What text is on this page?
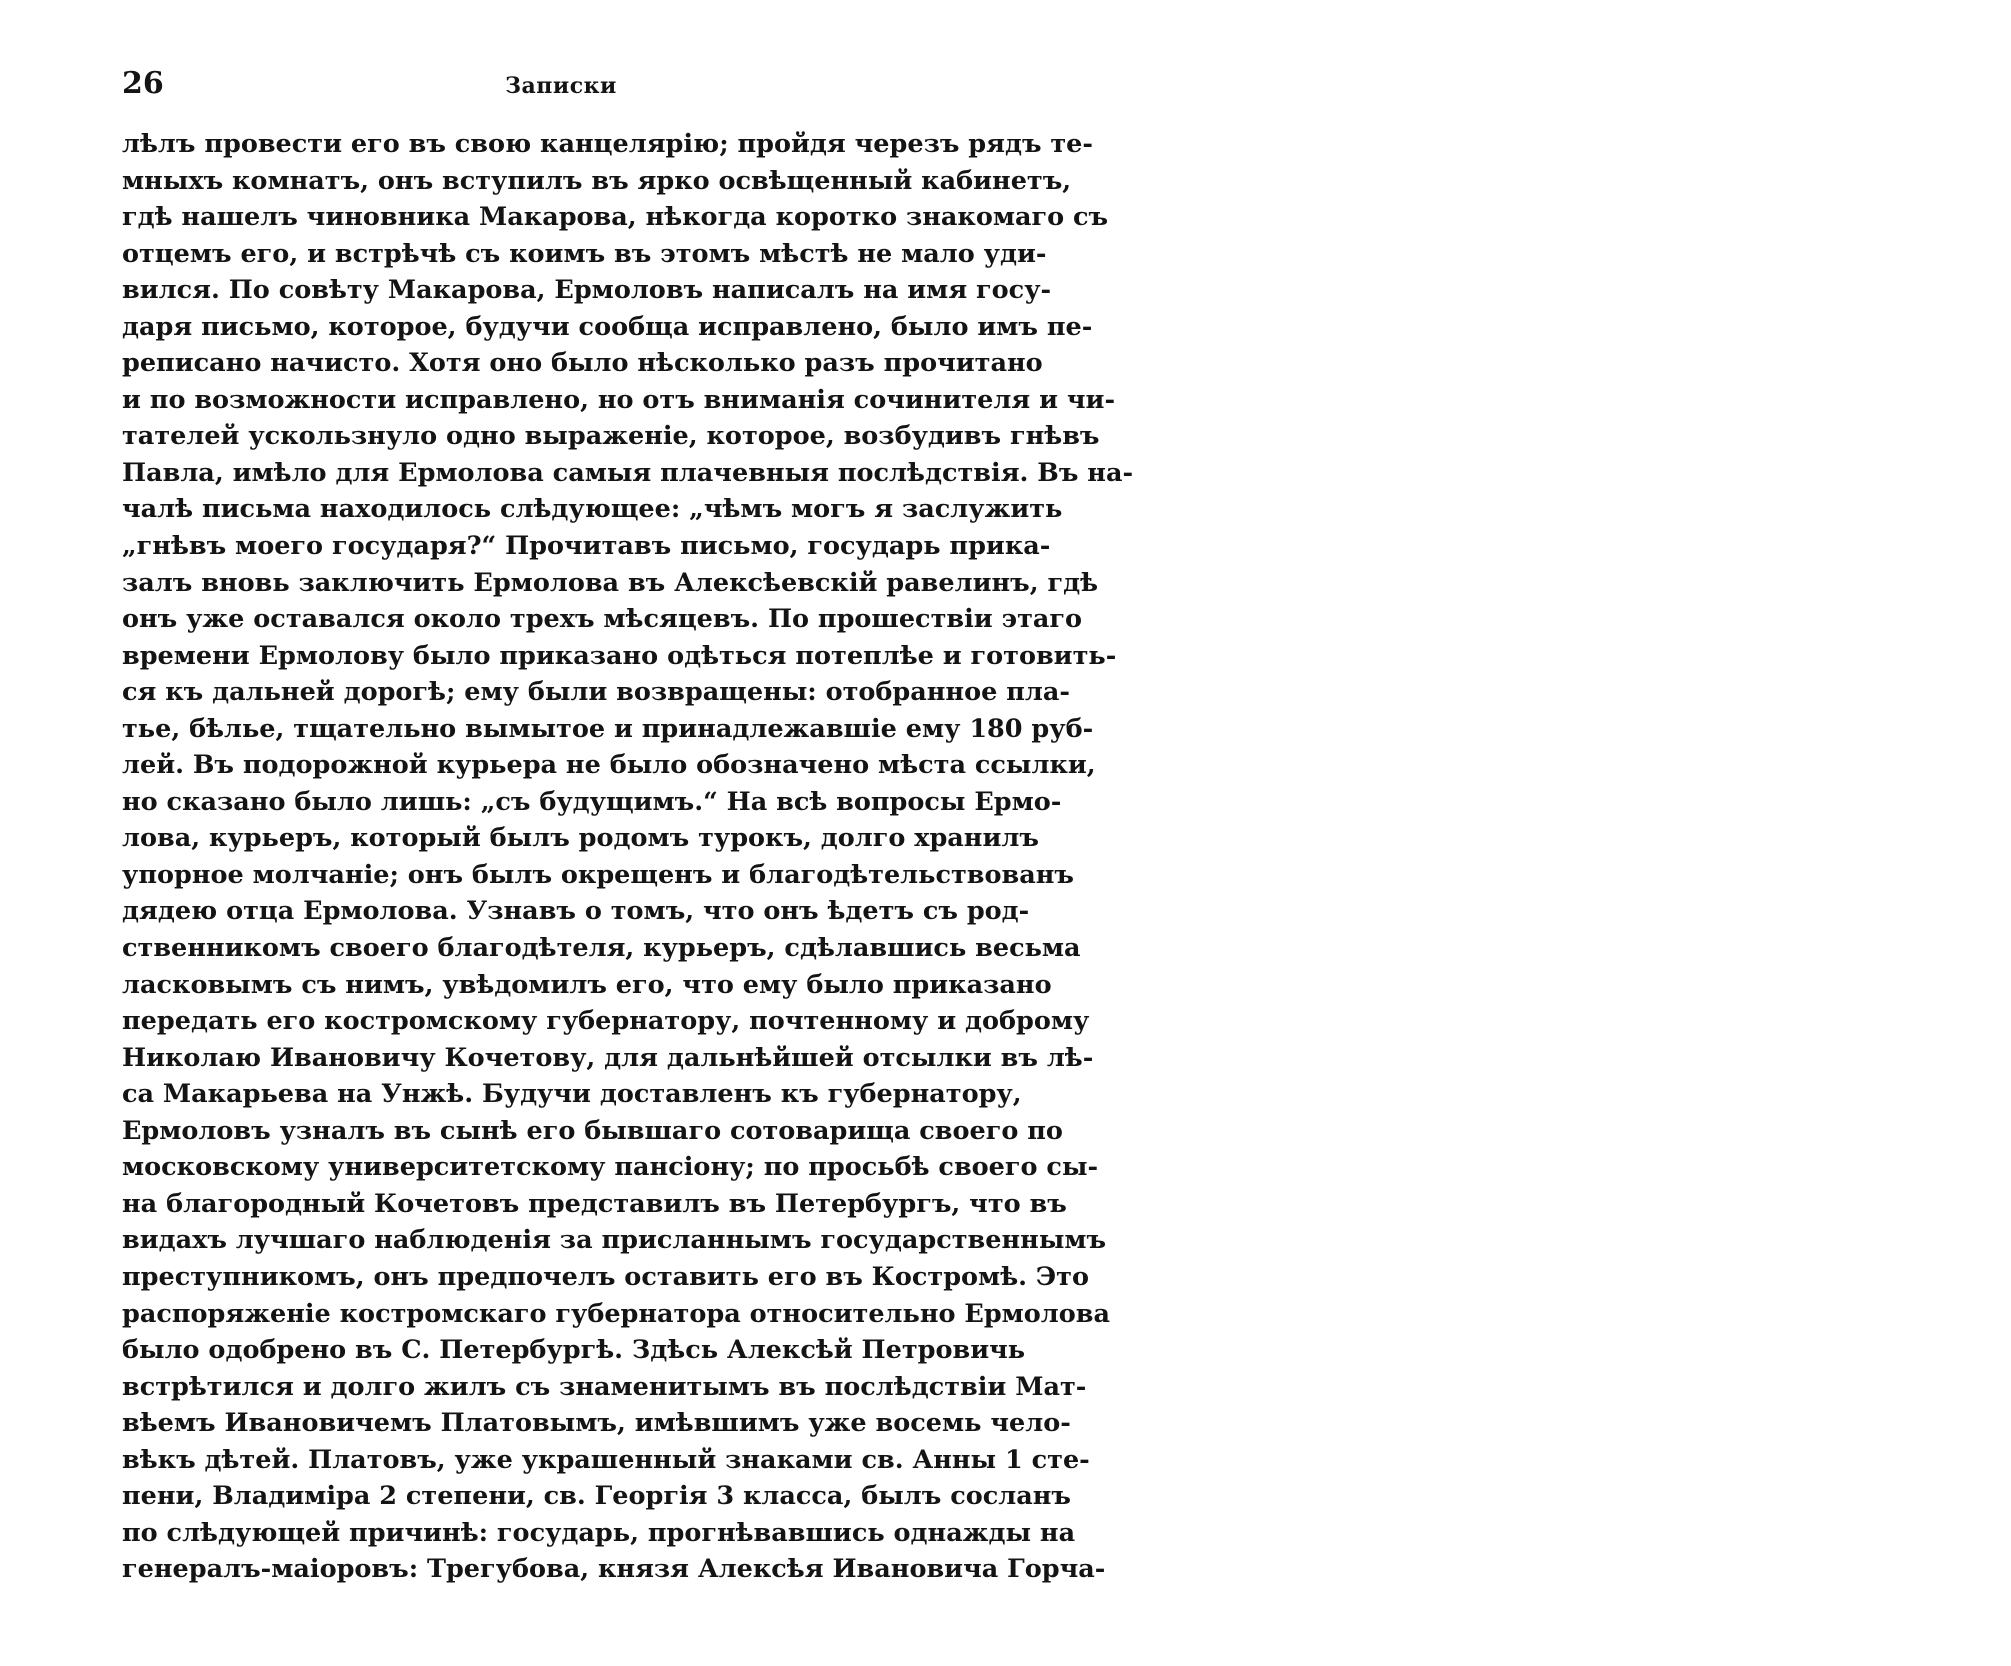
26	Записки
лѣлъ провести его въ свою канцелярію; пройдя черезъ рядъ те-
мныхъ комнатъ, онъ вступилъ въ ярко освѣщенный кабинетъ,
гдѣ нашелъ чиновника Макарова, нѣкогда коротко знакомаго съ
отцемъ его, и встрѣчѣ съ коимъ въ этомъ мѣстѣ не мало уди-
вился. По совѣту Макарова, Ермоловъ написалъ на имя госу-
даря письмо, которое, будучи сообща исправлено, было имъ пе-
реписано начисто. Хотя оно было нѣсколько разъ прочитано
и по возможности исправлено, но отъ вниманія сочинителя и чи-
тателей ускользнуло одно выраженіе, которое, возбудивъ гнѣвъ
Павла, имѣло для Ермолова самыя плачевныя послѣдствія. Въ на-
чалѣ письма находилось слѣдующее: „чѣмъ могъ я заслужить
„гнѣвъ моего государя?“ Прочитавъ письмо, государь прика-
залъ вновь заключить Ермолова въ Алексѣевскій равелинъ, гдѣ
онъ уже оставался около трехъ мѣсяцевъ. По прошествіи этаго
времени Ермолову было приказано одѣться потеплѣе и готовить-
ся къ дальней дорогѣ; ему были возвращены: отобранное пла-
тье, бѣлье, тщательно вымытое и принадлежавшіе ему 180 руб-
лей. Въ подорожной курьера не было обозначено мѣста ссылки,
но сказано было лишь: „съ будущимъ.“ На всѣ вопросы Ермо-
лова, курьеръ, который былъ родомъ турокъ, долго хранилъ
упорное молчаніе; онъ былъ окрещенъ и благодѣтельствованъ
дядею отца Ермолова. Узнавъ о томъ, что онъ ѣдетъ съ род-
ственникомъ своего благодѣтеля, курьеръ, сдѣлавшись весьма
ласковымъ съ нимъ, увѣдомилъ его, что ему было приказано
передать его костромскому губернатору, почтенному и доброму
Николаю Ивановичу Кочетову, для дальнѣйшей отсылки въ лѣ-
са Макарьева на Унжѣ. Будучи доставленъ къ губернатору,
Ермоловъ узналъ въ сынѣ его бывшаго сотоварища своего по
московскому университетскому пансіону; по просьбѣ своего сы-
на благородный Кочетовъ представилъ въ Петербургъ, что въ
видахъ лучшаго наблюденія за присланнымъ государственнымъ
преступникомъ, онъ предпочелъ оставить его въ Костромѣ. Это
распоряженіе костромскаго губернатора относительно Ермолова
было одобрено въ С. Петербургѣ. Здѣсь Алексѣй Петровичь
встрѣтился и долго жилъ съ знаменитымъ въ послѣдствіи Мат-
вѣемъ Ивановичемъ Платовымъ, имѣвшимъ уже восемь чело-
вѣкъ дѣтей. Платовъ, уже украшенный знаками св. Анны 1 сте-
пени, Владиміра 2 степени, св. Георгія 3 класса, былъ сосланъ
по слѣдующей причинѣ: государь, прогнѣвавшись однажды на
генералъ-маіоровъ: Трегубова, князя Алексѣя Ивановича Горча-
